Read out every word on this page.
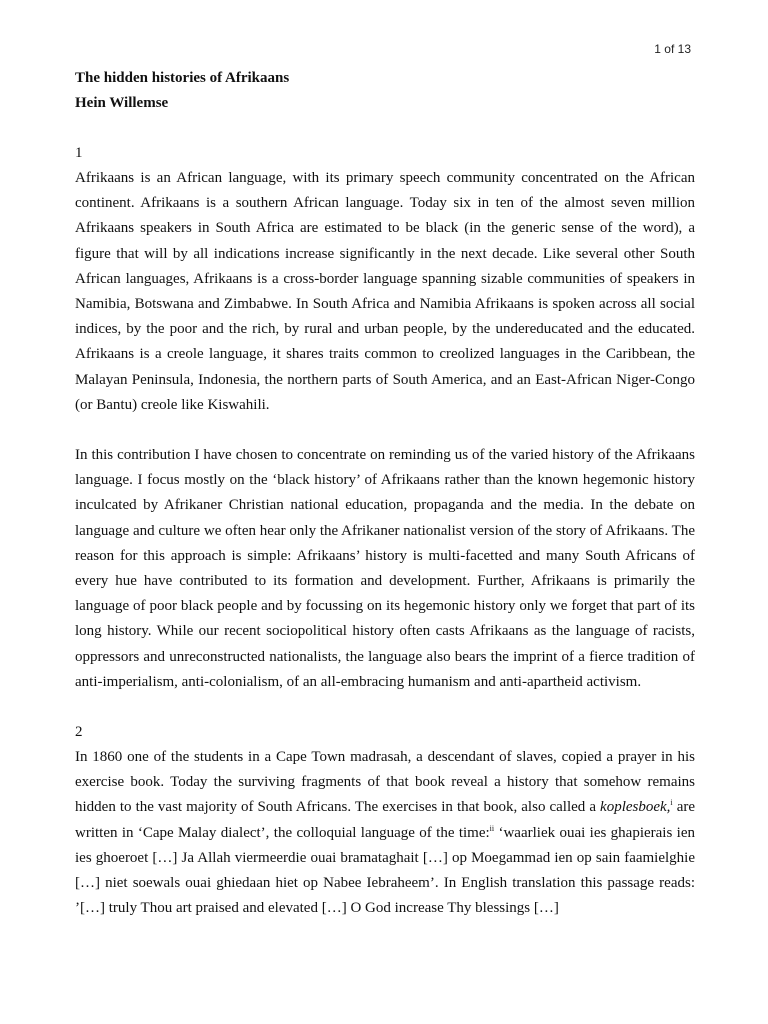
1 of 13

The hidden histories of Afrikaans

Hein Willemse

1

Afrikaans is an African language, with its primary speech community concentrated on the African continent. Afrikaans is a southern African language. Today six in ten of the almost seven million Afrikaans speakers in South Africa are estimated to be black (in the generic sense of the word), a figure that will by all indications increase significantly in the next decade. Like several other South African languages, Afrikaans is a cross-border language spanning sizable communities of speakers in Namibia, Botswana and Zimbabwe. In South Africa and Namibia Afrikaans is spoken across all social indices, by the poor and the rich, by rural and urban people, by the undereducated and the educated. Afrikaans is a creole language, it shares traits common to creolized languages in the Caribbean, the Malayan Peninsula, Indonesia, the northern parts of South America, and an East-African Niger-Congo (or Bantu) creole like Kiswahili.

In this contribution I have chosen to concentrate on reminding us of the varied history of the Afrikaans language. I focus mostly on the ‘black history’ of Afrikaans rather than the known hegemonic history inculcated by Afrikaner Christian national education, propaganda and the media. In the debate on language and culture we often hear only the Afrikaner nationalist version of the story of Afrikaans. The reason for this approach is simple: Afrikaans’ history is multi-facetted and many South Africans of every hue have contributed to its formation and development. Further, Afrikaans is primarily the language of poor black people and by focussing on its hegemonic history only we forget that part of its long history. While our recent sociopolitical history often casts Afrikaans as the language of racists, oppressors and unreconstructed nationalists, the language also bears the imprint of a fierce tradition of anti-imperialism, anti-colonialism, of an all-embracing humanism and anti-apartheid activism.

2

In 1860 one of the students in a Cape Town madrasah, a descendant of slaves, copied a prayer in his exercise book. Today the surviving fragments of that book reveal a history that somehow remains hidden to the vast majority of South Africans. The exercises in that book, also called a koplesboek,$^i$ are written in ‘Cape Malay dialect’, the colloquial language of the time:$^{ii}$ ‘waarliek ouai ies ghapierais ien ies ghoeroet […] Ja Allah viermeerdie ouai bramataghait […] op Moegammad ien op sain faamielghie […] niet soewals ouai ghiedaan hiet op Nabee Iebraheem’. In English translation this passage reads: ’[…] truly Thou art praised and elevated […] O God increase Thy blessings […]
